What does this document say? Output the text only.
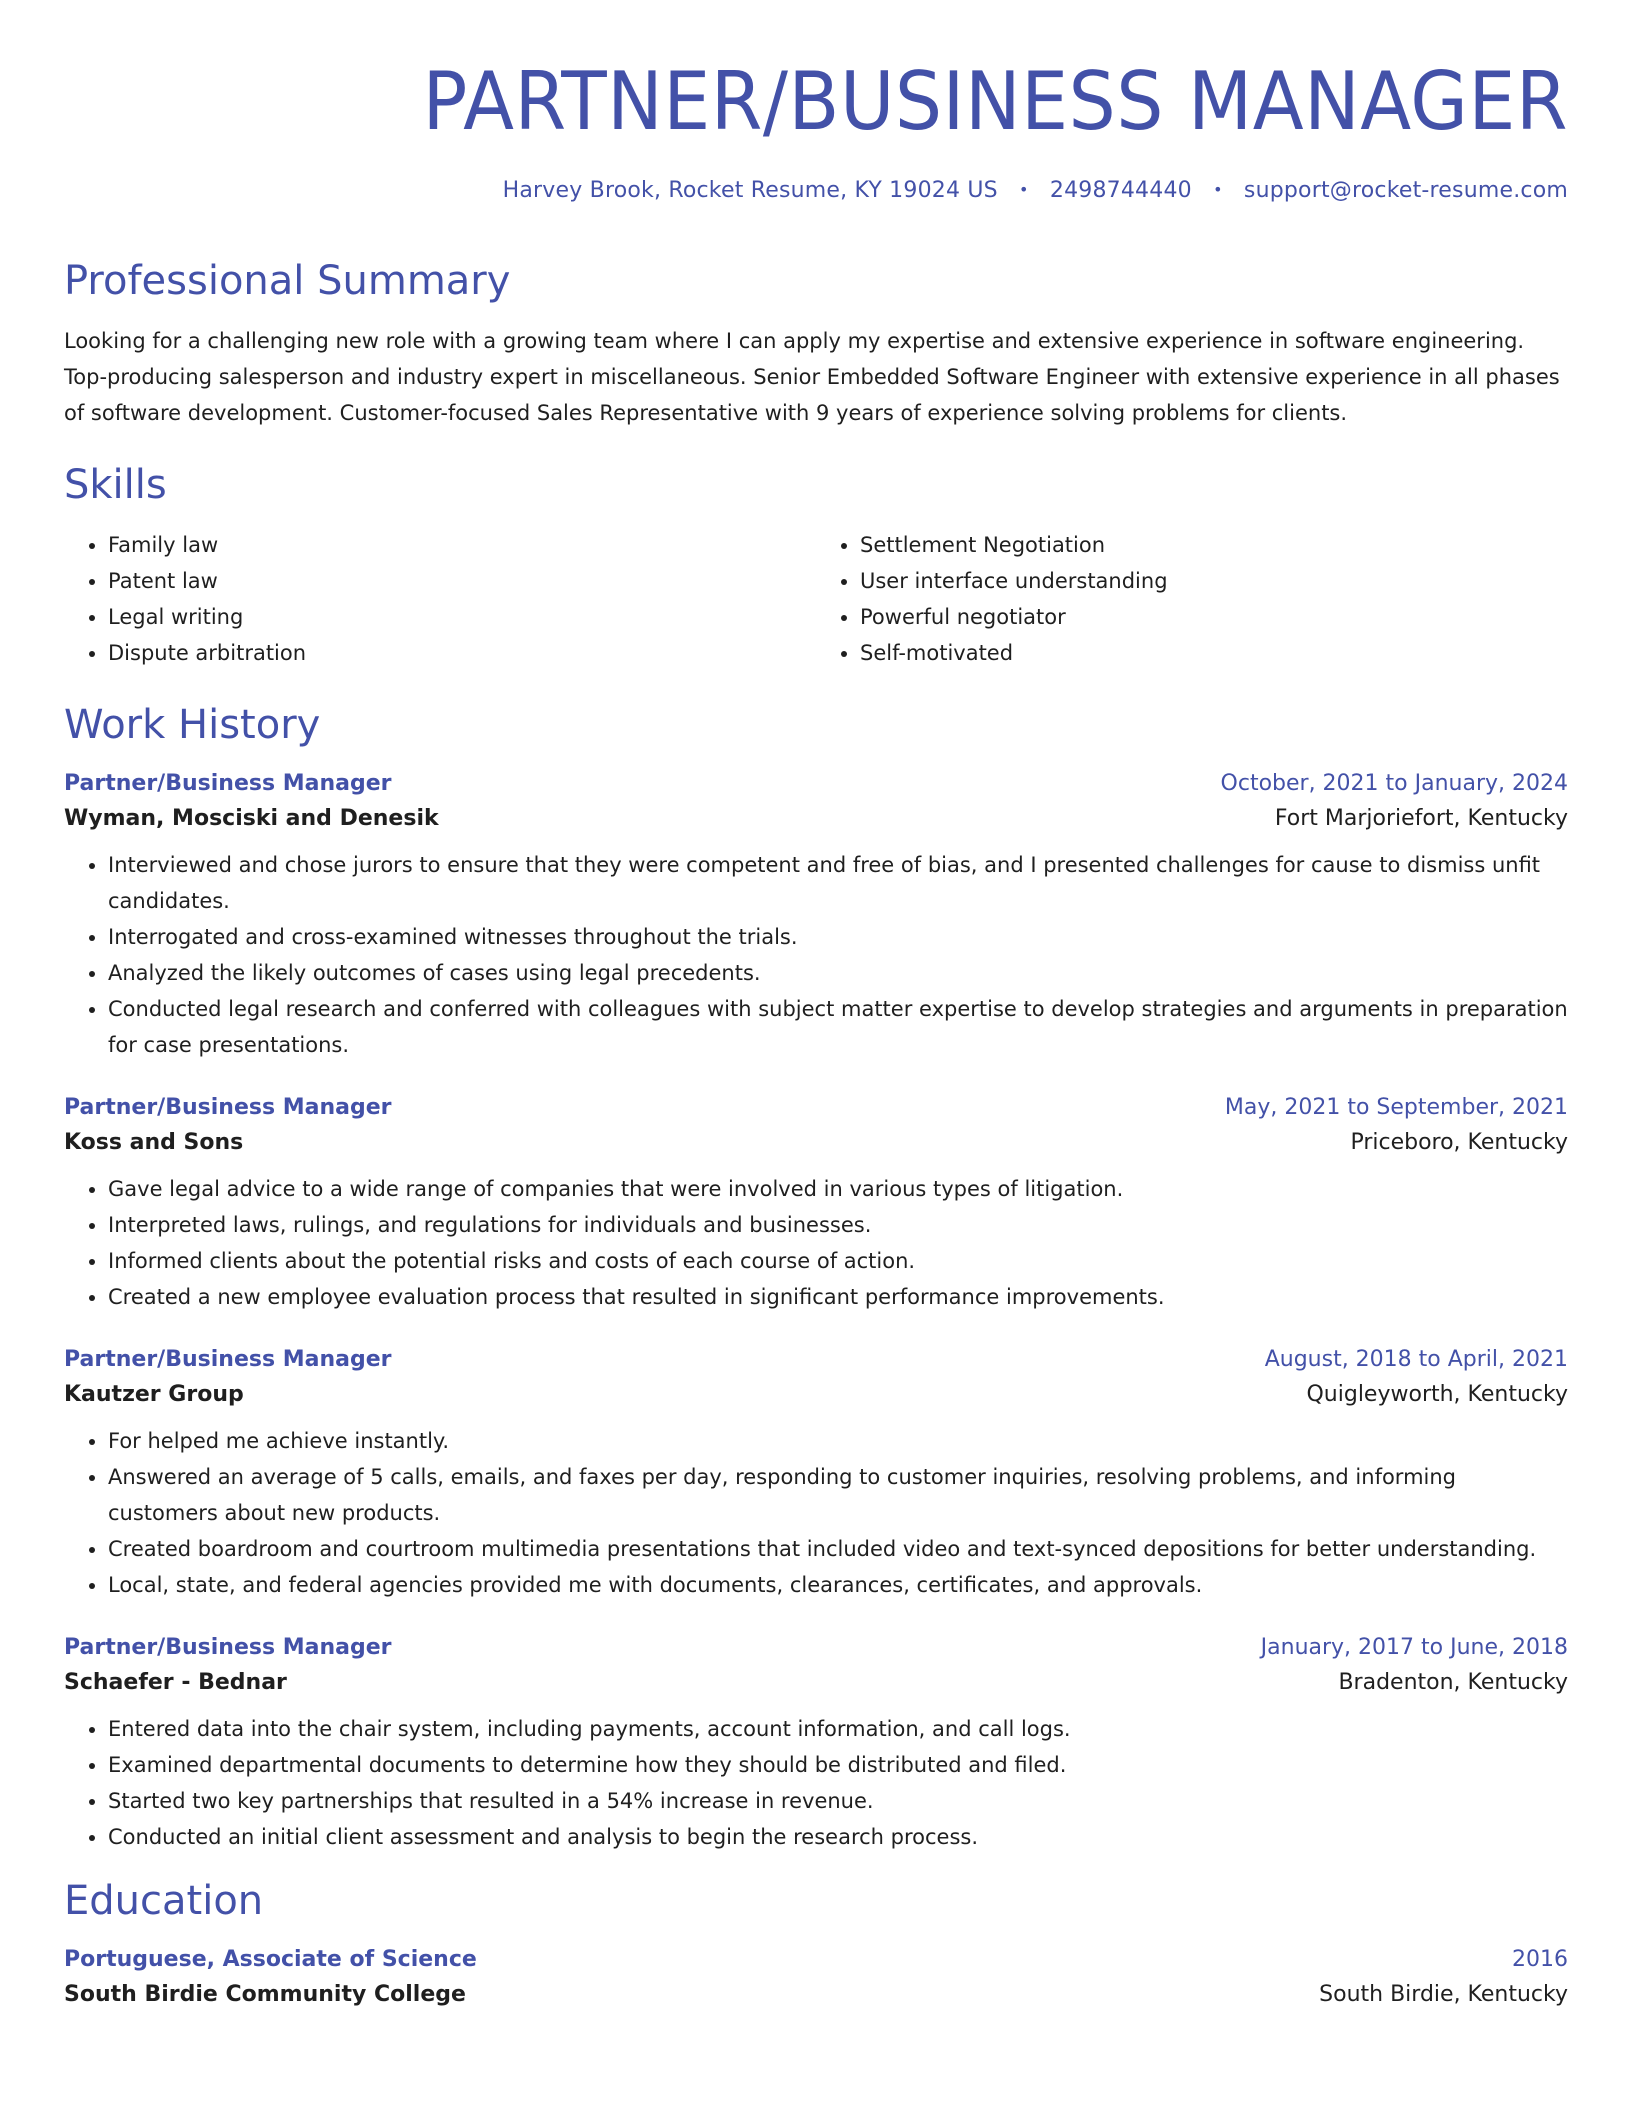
PARTNER/BUSINESS MANAGER
Harvey Brook, Rocket Resume, KY 19024 US • 2498744440 • support@rocket-resume.com
Professional Summary
Looking for a challenging new role with a growing team where I can apply my expertise and extensive experience in software engineering. Top-producing salesperson and industry expert in miscellaneous. Senior Embedded Software Engineer with extensive experience in all phases of software development. Customer-focused Sales Representative with 9 years of experience solving problems for clients.
Skills
• Family law
• Patent law
• Legal writing
• Dispute arbitration
• Settlement Negotiation
• User interface understanding
• Powerful negotiator
• Self-motivated
Work History
Partner/Business Manager	October, 2021 to January, 2024
Wyman, Mosciski and Denesik	Fort Marjoriefort, Kentucky
• Interviewed and chose jurors to ensure that they were competent and free of bias, and I presented challenges for cause to dismiss unfit candidates.
• Interrogated and cross-examined witnesses throughout the trials.
• Analyzed the likely outcomes of cases using legal precedents.
• Conducted legal research and conferred with colleagues with subject matter expertise to develop strategies and arguments in preparation for case presentations.
Partner/Business Manager	May, 2021 to September, 2021
Koss and Sons	Priceboro, Kentucky
• Gave legal advice to a wide range of companies that were involved in various types of litigation.
• Interpreted laws, rulings, and regulations for individuals and businesses.
• Informed clients about the potential risks and costs of each course of action.
• Created a new employee evaluation process that resulted in significant performance improvements.
Partner/Business Manager	August, 2018 to April, 2021
Kautzer Group	Quigleyworth, Kentucky
• For helped me achieve instantly.
• Answered an average of 5 calls, emails, and faxes per day, responding to customer inquiries, resolving problems, and informing customers about new products.
• Created boardroom and courtroom multimedia presentations that included video and text-synced depositions for better understanding.
• Local, state, and federal agencies provided me with documents, clearances, certificates, and approvals.
Partner/Business Manager	January, 2017 to June, 2018
Schaefer - Bednar	Bradenton, Kentucky
• Entered data into the chair system, including payments, account information, and call logs.
• Examined departmental documents to determine how they should be distributed and filed.
• Started two key partnerships that resulted in a 54% increase in revenue.
• Conducted an initial client assessment and analysis to begin the research process.
Education
Portuguese, Associate of Science	2016
South Birdie Community College	South Birdie, Kentucky
